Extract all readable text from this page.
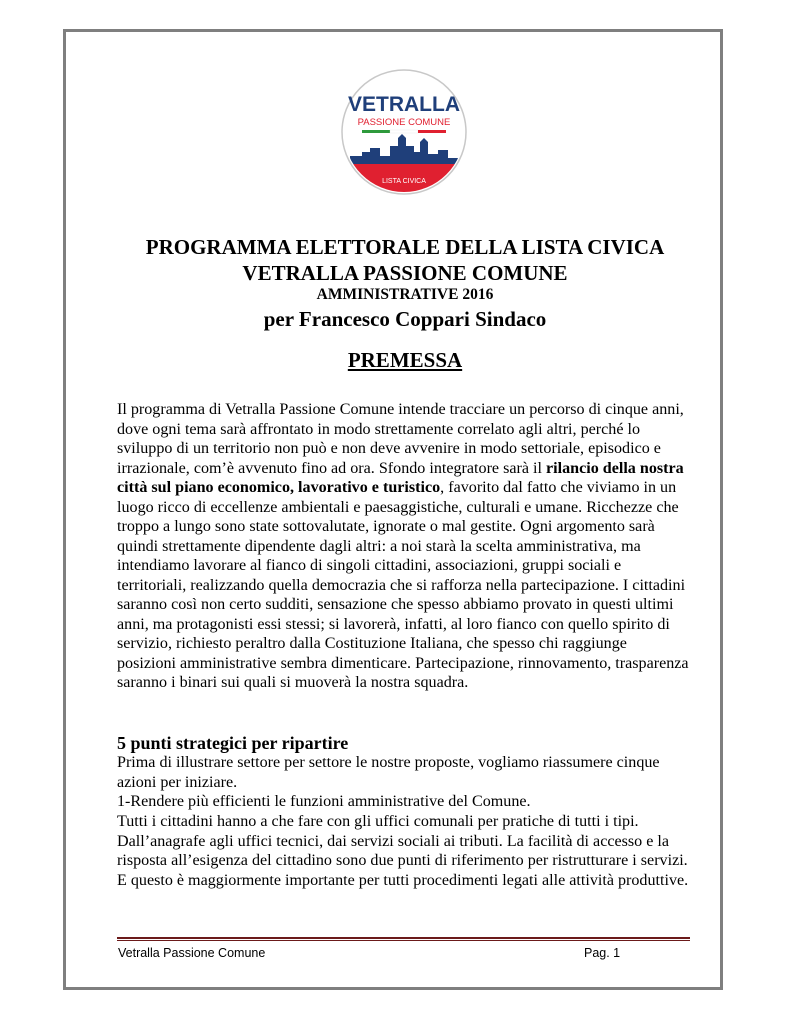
VETRALLA
PASSIONE COMUNE
LISTA CIVICA
PROGRAMMA ELETTORALE DELLA LISTA CIVICA
VETRALLA PASSIONE COMUNE
AMMINISTRATIVE 2016
per Francesco Coppari Sindaco
PREMESSA

Il programma di Vetralla Passione Comune intende tracciare un percorso di cinque anni, dove ogni tema sarà affrontato in modo strettamente correlato agli altri, perché lo sviluppo di un territorio non può e non deve avvenire in modo settoriale, episodico e irrazionale, com’è avvenuto fino ad ora. Sfondo integratore sarà il rilancio della nostra città sul piano economico, lavorativo e turistico, favorito dal fatto che viviamo in un luogo ricco di eccellenze ambientali e paesaggistiche, culturali e umane. Ricchezze che troppo a lungo sono state sottovalutate, ignorate o mal gestite. Ogni argomento sarà quindi strettamente dipendente dagli altri: a noi starà la scelta amministrativa, ma intendiamo lavorare al fianco di singoli cittadini, associazioni, gruppi sociali e territoriali, realizzando quella democrazia che si rafforza nella partecipazione. I cittadini saranno così non certo sudditi, sensazione che spesso abbiamo provato in questi ultimi anni, ma protagonisti essi stessi; si lavorerà, infatti, al loro fianco con quello spirito di servizio, richiesto peraltro dalla Costituzione Italiana, che spesso chi raggiunge posizioni amministrative sembra dimenticare. Partecipazione, rinnovamento, trasparenza saranno i binari sui quali si muoverà la nostra squadra.

5 punti strategici per ripartire

Prima di illustrare settore per settore le nostre proposte, vogliamo riassumere cinque azioni per iniziare.

1-Rendere più efficienti le funzioni amministrative del Comune.

Tutti i cittadini hanno a che fare con gli uffici comunali per pratiche di tutti i tipi. Dall’anagrafe agli uffici tecnici, dai servizi sociali ai tributi. La facilità di accesso e la risposta all’esigenza del cittadino sono due punti di riferimento per ristrutturare i servizi. E questo è maggiormente importante per tutti procedimenti legati alle attività produttive.

Vetralla Passione Comune	Pag. 1
